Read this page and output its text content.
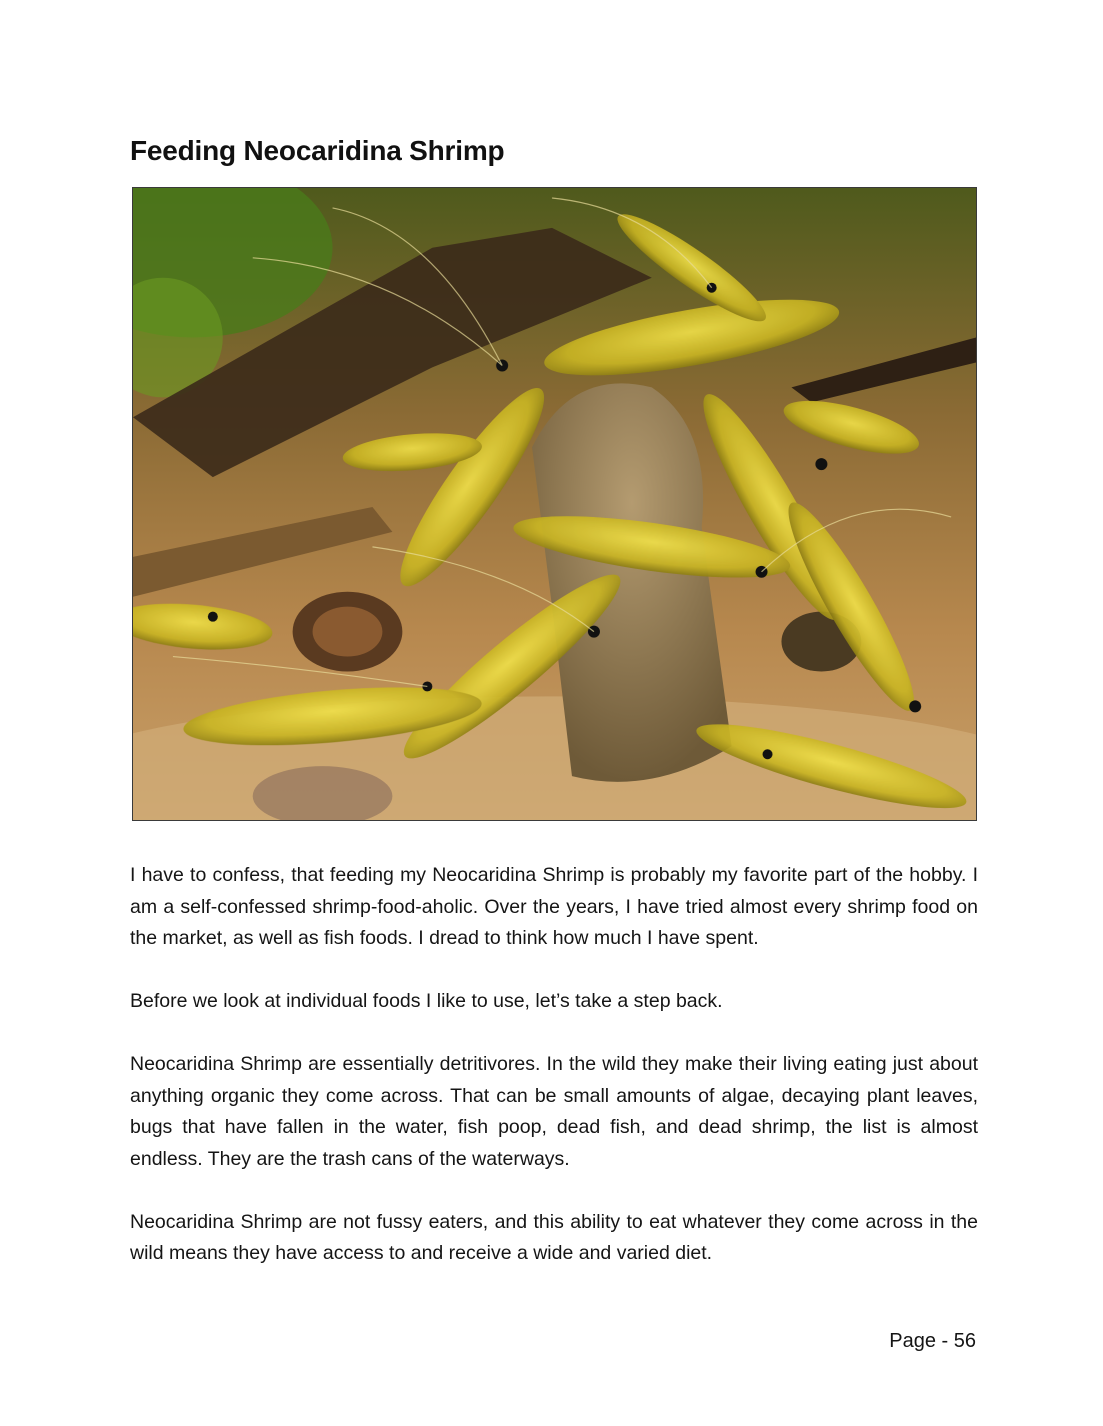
Feeding Neocaridina Shrimp

I have to confess, that feeding my Neocaridina Shrimp is probably my favorite part of the hobby. I am a self-confessed shrimp-food-aholic. Over the years, I have tried almost every shrimp food on the market, as well as fish foods. I dread to think how much I have spent.

Before we look at individual foods I like to use, let’s take a step back.

Neocaridina Shrimp are essentially detritivores. In the wild they make their living eating just about anything organic they come across. That can be small amounts of algae, decaying plant leaves, bugs that have fallen in the water, fish poop, dead fish, and dead shrimp, the list is almost endless. They are the trash cans of the waterways.

Neocaridina Shrimp are not fussy eaters, and this ability to eat whatever they come across in the wild means they have access to and receive a wide and varied diet.

Page - 56
